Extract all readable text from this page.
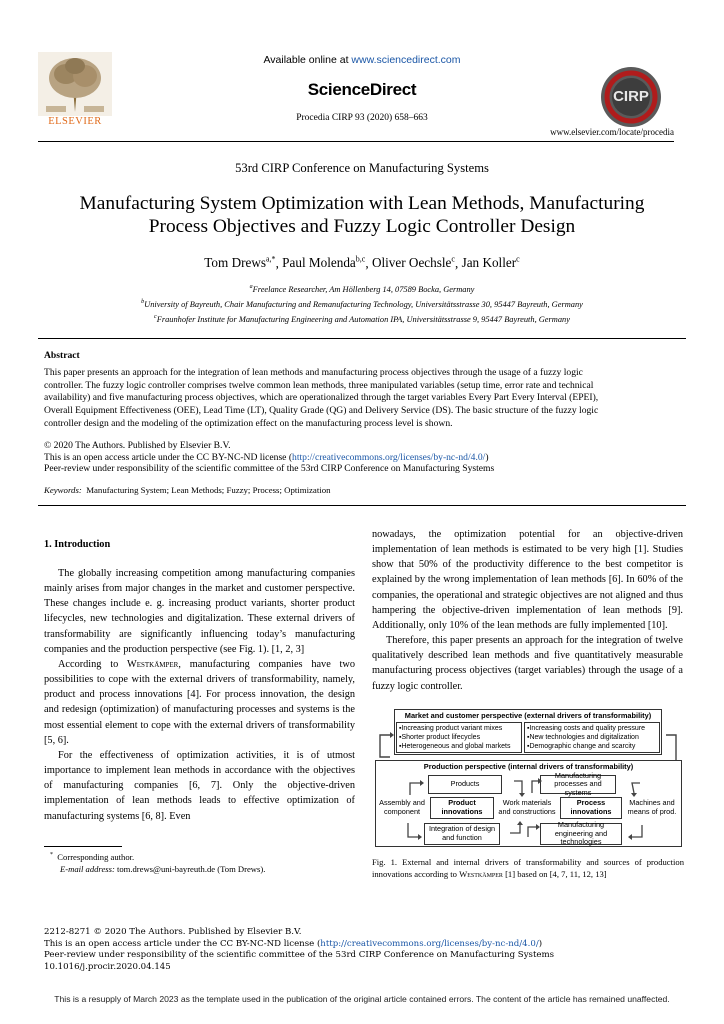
ELSEVIER
Available online at www.sciencedirect.com
ScienceDirect
Procedia CIRP 93 (2020) 658–663
CIRP
www.elsevier.com/locate/procedia
53rd CIRP Conference on Manufacturing Systems
Manufacturing System Optimization with Lean Methods, Manufacturing
Process Objectives and Fuzzy Logic Controller Design
Tom Drews$^{a,*}$, Paul Molenda$^{b,c}$, Oliver Oechsle$^c$, Jan Koller$^c$
$^a$Freelance Researcher, Am Höllenberg 14, 07589 Bocka, Germany
$^b$University of Bayreuth, Chair Manufacturing and Remanufacturing Technology, Universitätsstrasse 30, 95447 Bayreuth, Germany
$^c$Fraunhofer Institute for Manufacturing Engineering and Automation IPA, Universitätsstrasse 9, 95447 Bayreuth, Germany
Abstract
This paper presents an approach for the integration of lean methods and manufacturing process objectives through the usage of a fuzzy logic
controller. The fuzzy logic controller comprises twelve common lean methods, three manipulated variables (setup time, error rate and technical
availability) and five manufacturing process objectives, which are operationalized through the target variables Every Part Every Interval (EPEI),
Overall Equipment Effectiveness (OEE), Lead Time (LT), Quality Grade (QG) and Delivery Service (DS). The basic structure of the fuzzy logic
controller design and the modeling of the optimization effect on the manufacturing process level is shown.
© 2020 The Authors. Published by Elsevier B.V.
This is an open access article under the CC BY-NC-ND license (http://creativecommons.org/licenses/by-nc-nd/4.0/)
Peer-review under responsibility of the scientific committee of the 53rd CIRP Conference on Manufacturing Systems
Keywords: Manufacturing System; Lean Methods; Fuzzy; Process; Optimization
1. Introduction

The globally increasing competition among manufacturing companies mainly arises from major changes in the market and customer perspective. These changes include e. g. increasing product variants, shorter product lifecycles, new technologies and digitalization. These external drivers of transformability are significantly influencing today’s manufacturing companies and the production perspective (see Fig. 1). [1, 2, 3]

According to Westkämper, manufacturing companies have two possibilities to cope with the external drivers of transformability, namely, product and process innovations [4]. For process innovation, the design and redesign (optimization) of manufacturing processes and systems is the most essential element to cope with the external drivers of transformability [5, 6].

For the effectiveness of optimization activities, it is of utmost importance to implement lean methods in accordance with the objectives of manufacturing companies [6, 7]. Only the objective-driven implementation of lean methods leads to effective optimization of manufacturing systems [6, 8]. Even

* Corresponding author.
E-mail address: tom.drews@uni-bayreuth.de (Tom Drews).

nowadays, the optimization potential for an objective-driven implementation of lean methods is estimated to be very high [1]. Studies show that 50% of the productivity difference to the best competitor is explained by the wrong implementation of lean methods [6]. In 60% of the companies, the operational and strategic objectives are not aligned and thus hampering the objective-driven implementation of lean methods [9]. Additionally, only 10% of the lean methods are fully implemented [10].

Therefore, this paper presents an approach for the integration of twelve qualitatively described lean methods and five quantitatively measurable manufacturing process objectives (target variables) through the usage of a fuzzy logic controller.

Market and customer perspective (external drivers of transformability)
▪Increasing product variant mixes
▪Shorter product lifecycles
▪Heterogeneous and global markets
▪Increasing costs and quality pressure
▪New technologies and digitalization
▪Demographic change and scarcity
Production perspective (internal drivers of transformability)
Products
Manufacturing processes and systems
Assembly and component
Product innovations
Work materials and constructions
Process innovations
Machines and means of prod.
Integration of design and function
Manufacturing engineering and technologies
Fig. 1. External and internal drivers of transformability and sources of production innovations according to Westkämper [1] based on [4, 7, 11, 12, 13]
2212-8271 © 2020 The Authors. Published by Elsevier B.V.
This is an open access article under the CC BY-NC-ND license (http://creativecommons.org/licenses/by-nc-nd/4.0/)
Peer-review under responsibility of the scientific committee of the 53rd CIRP Conference on Manufacturing Systems
10.1016/j.procir.2020.04.145
This is a resupply of March 2023 as the template used in the publication of the original article contained errors. The content of the article has remained unaffected.
